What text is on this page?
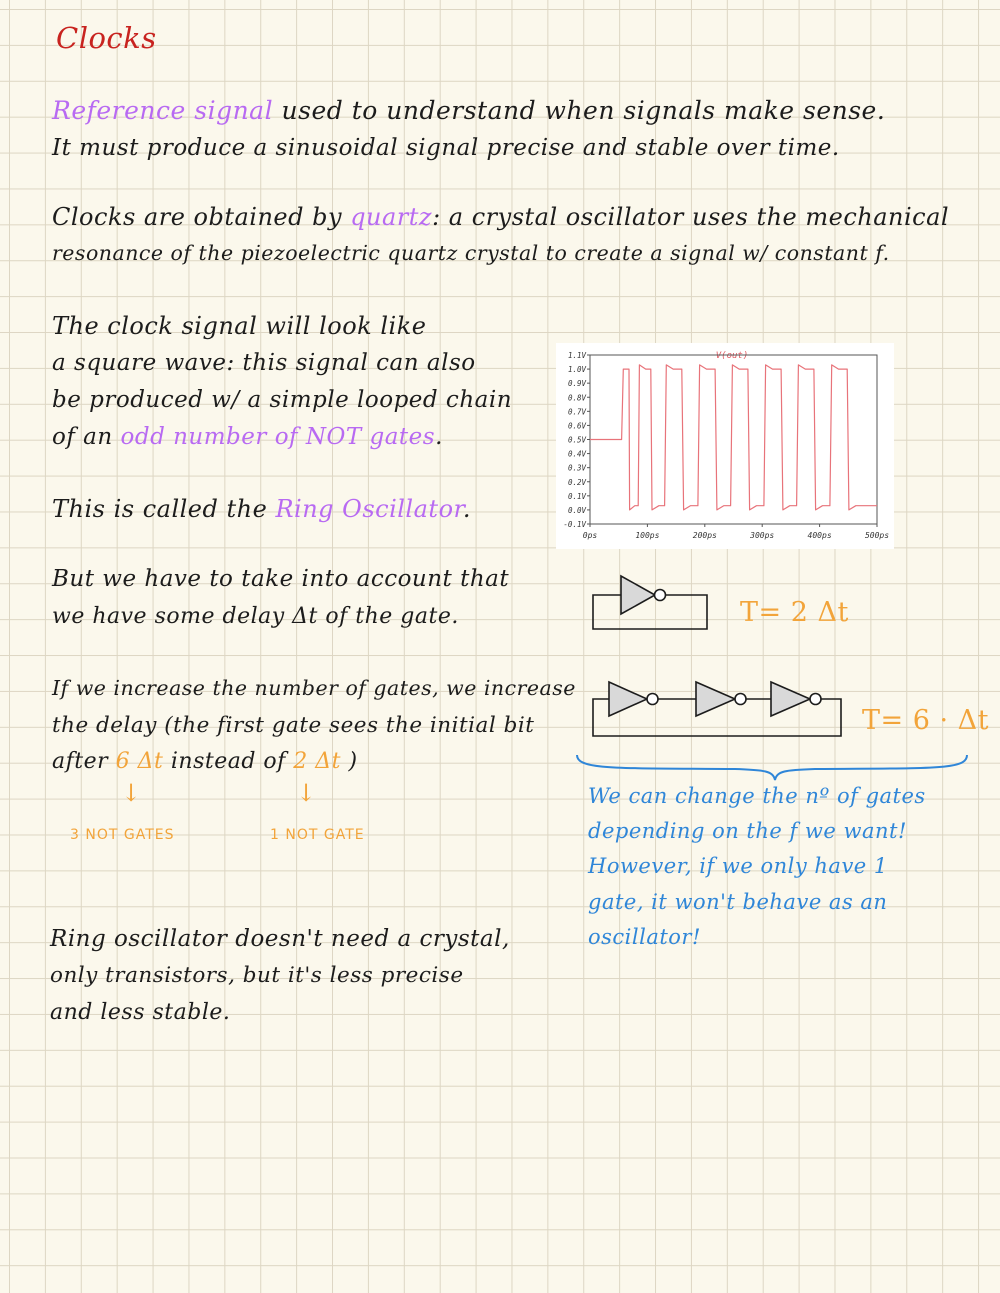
Clocks
Reference signal used to understand when signals make sense.
It must produce a sinusoidal signal precise and stable over time.
Clocks are obtained by quartz: a crystal oscillator uses the mechanical
resonance of the piezoelectric quartz crystal to create a signal w/ constant f.
The clock signal will look like
a square wave: this signal can also
be produced w/ a simple looped chain
of an odd number of NOT gates.
This is called the Ring Oscillator.
But we have to take into account that
we have some delay Δt of the gate.
If we increase the number of gates, we increase
the delay (the first gate sees the initial bit
after 6 Δt instead of 2 Δt )
↓	↓
3 NOT GATES	1 NOT GATE
Ring oscillator doesn't need a crystal,
only transistors, but it's less precise
and less stable.
V(out)
1.1V
1.0V
0.9V
0.8V
0.7V
0.6V
0.5V
0.4V
0.3V
0.2V
0.1V
0.0V
-0.1V
0ps	100ps	200ps	300ps	400ps	500ps
T= 2 Δt
T= 6 · Δt
We can change the nº of gates
depending on the f we want!
However, if we only have 1
gate, it won't behave as an
oscillator!
